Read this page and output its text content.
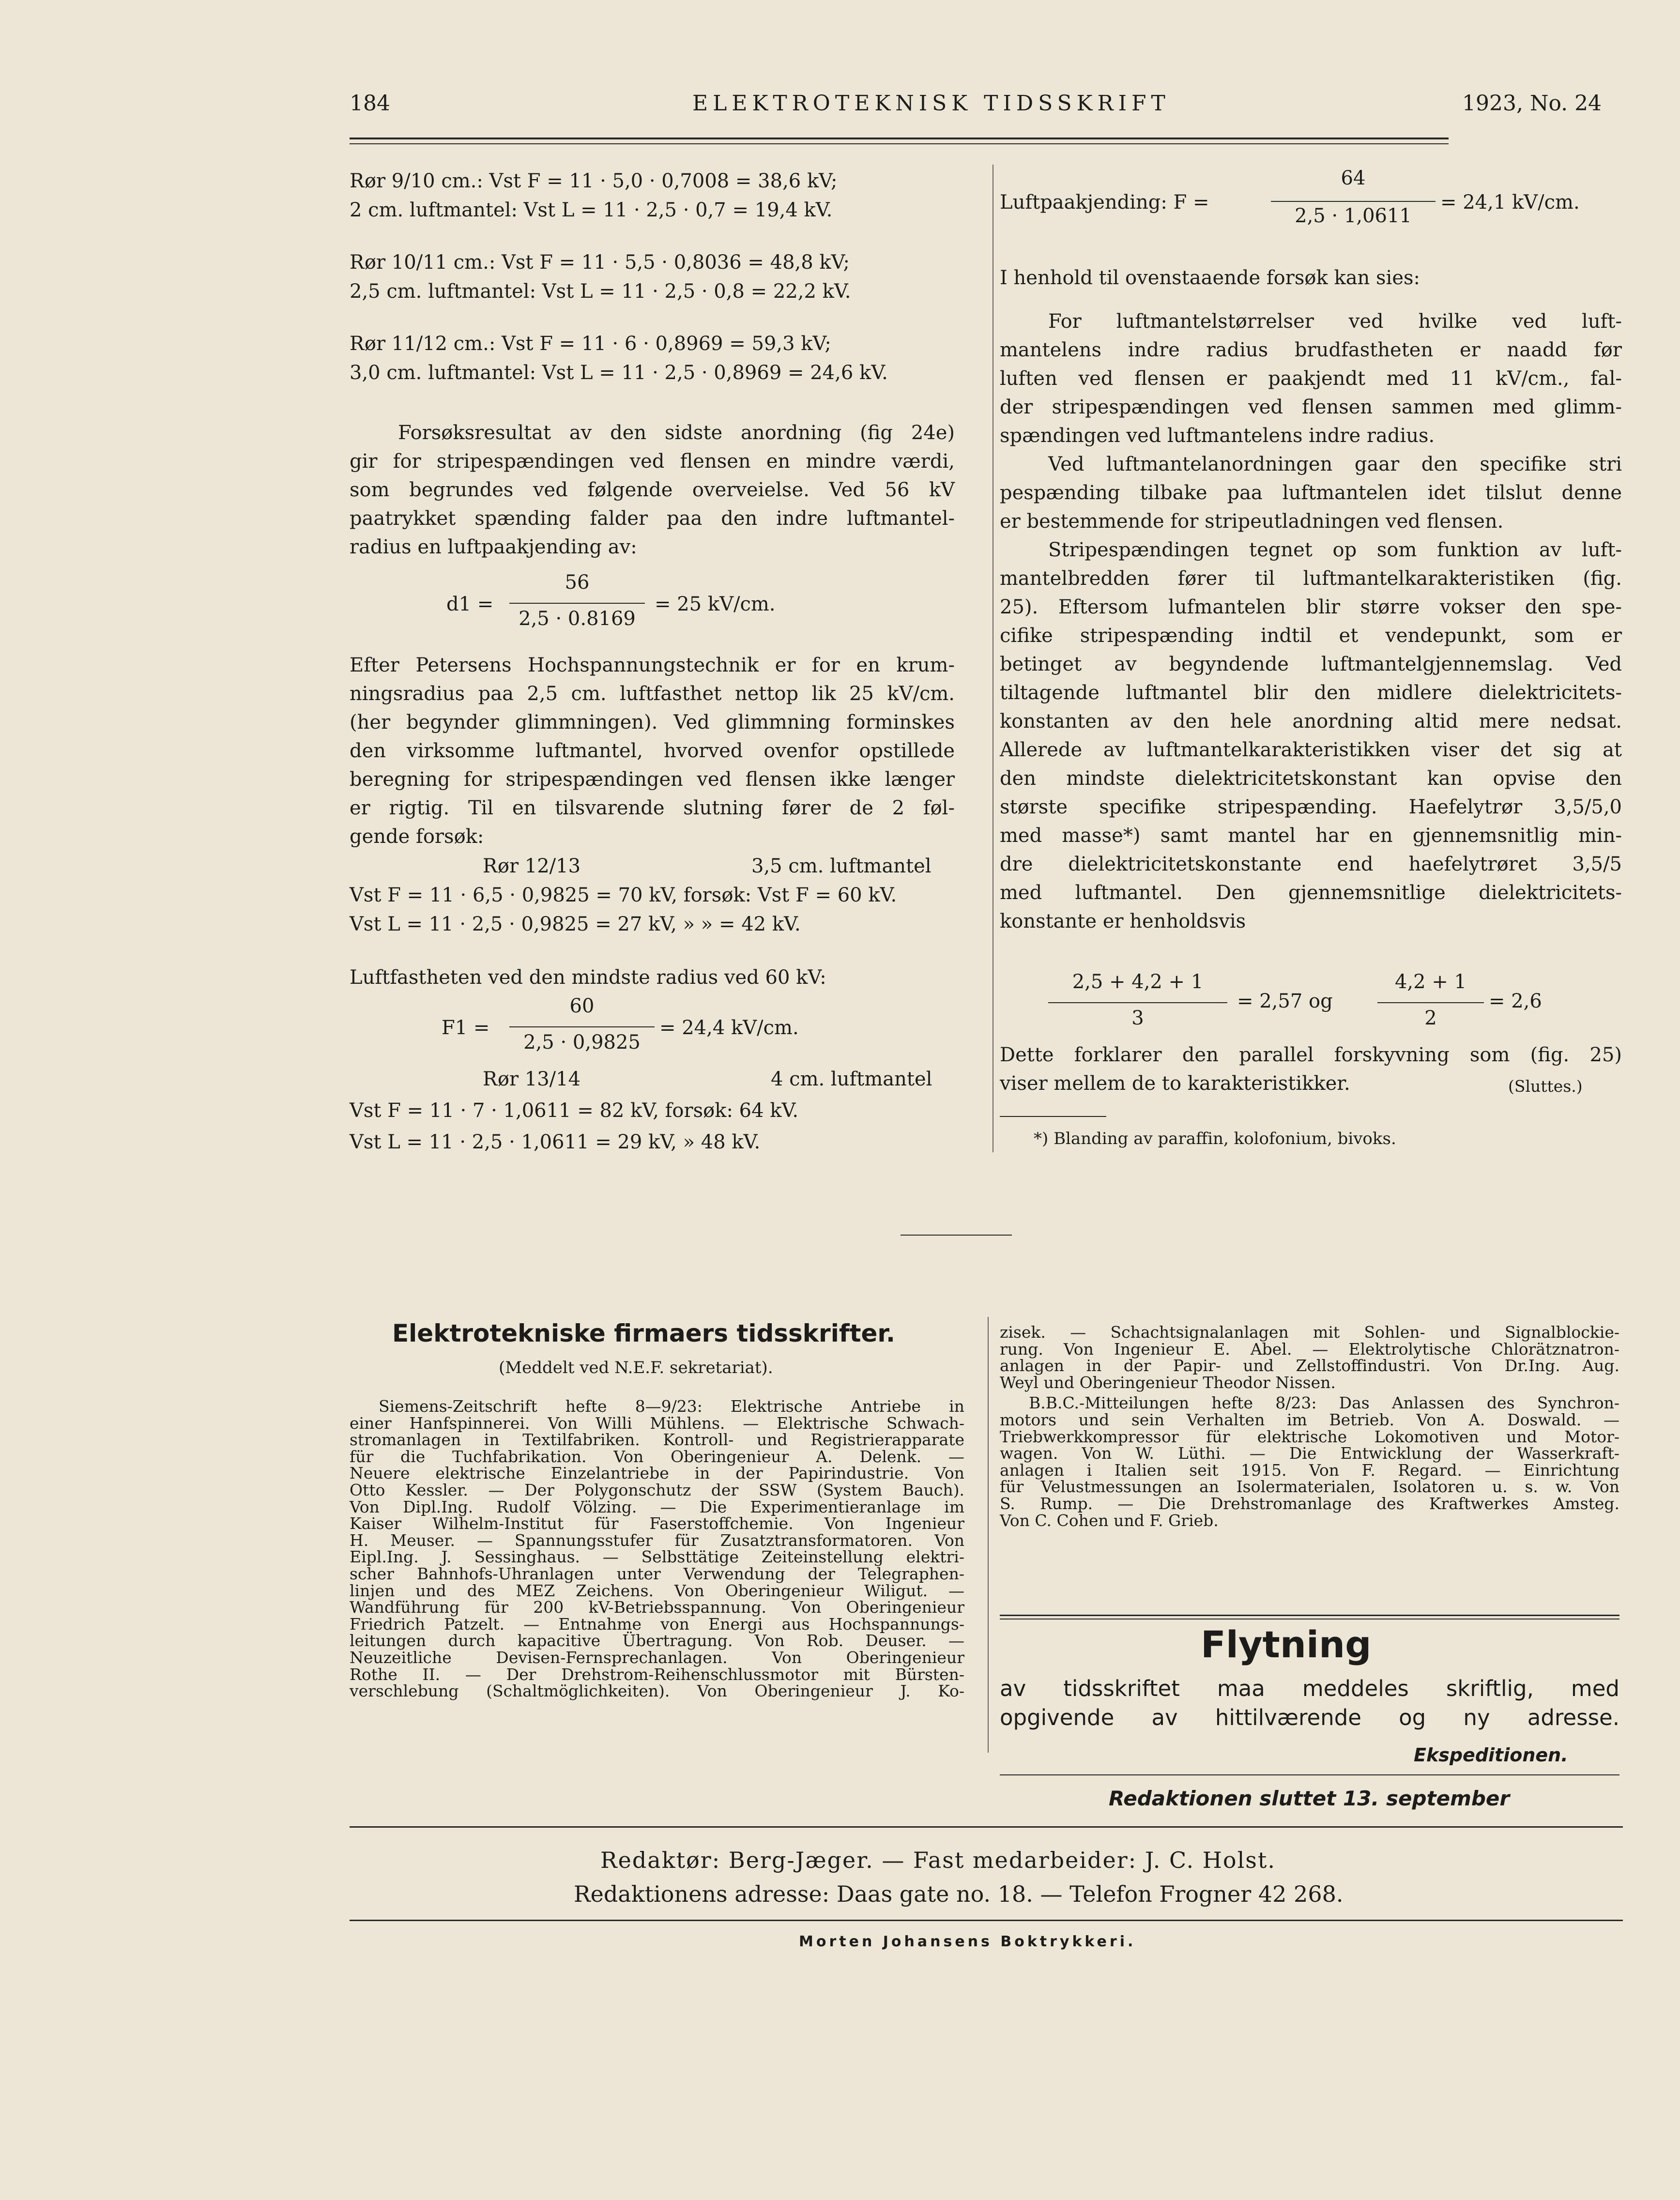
184	ELEKTROTEKNISK TIDSSKRIFT	1923, No. 24
Rør 9/10 cm.: Vst F = 11 · 5,0 · 0,7008 = 38,6 kV;
2 cm. luftmantel: Vst L = 11 · 2,5 · 0,7 = 19,4 kV.
Rør 10/11 cm.: Vst F = 11 · 5,5 · 0,8036 = 48,8 kV;
2,5 cm. luftmantel: Vst L = 11 · 2,5 · 0,8 = 22,2 kV.
Rør 11/12 cm.: Vst F = 11 · 6 · 0,8969 = 59,3 kV;
3,0 cm. luftmantel: Vst L = 11 · 2,5 · 0,8969 = 24,6 kV.
Forsøksresultat av den sidste anordning (fig 24e)
gir for stripespændingen ved flensen en mindre værdi,
som begrundes ved følgende overveielse. Ved 56 kV
paatrykket spænding falder paa den indre luftmantel-
radius en luftpaakjending av:
d1 =
56
2,5 · 0.8169
= 25 kV/cm.
Efter Petersens Hochspannungstechnik er for en krum-
ningsradius paa 2,5 cm. luftfasthet nettop lik 25 kV/cm.
(her begynder glimmningen). Ved glimmning forminskes
den virksomme luftmantel, hvorved ovenfor opstillede
beregning for stripespændingen ved flensen ikke længer
er rigtig. Til en tilsvarende slutning fører de 2 føl-
gende forsøk:
Rør 12/13	3,5 cm. luftmantel
Vst F = 11 · 6,5 · 0,9825 = 70 kV, forsøk: Vst F = 60 kV.
Vst L = 11 · 2,5 · 0,9825 = 27 kV, » » = 42 kV.
Luftfastheten ved den mindste radius ved 60 kV:
F1 =
60
2,5 · 0,9825
= 24,4 kV/cm.
Rør 13/14	4 cm. luftmantel
Vst F = 11 · 7 · 1,0611 = 82 kV, forsøk: 64 kV.
Vst L = 11 · 2,5 · 1,0611 = 29 kV, » 48 kV.
Luftpaakjending: F =
64
2,5 · 1,0611
= 24,1 kV/cm.
I henhold til ovenstaaende forsøk kan sies:
For luftmantelstørrelser ved hvilke ved luft-
mantelens indre radius brudfastheten er naadd før
luften ved flensen er paakjendt med 11 kV/cm., fal-
der stripespændingen ved flensen sammen med glimm-
spændingen ved luftmantelens indre radius.
Ved luftmantelanordningen gaar den specifike stri
pespænding tilbake paa luftmantelen idet tilslut denne
er bestemmende for stripeutladningen ved flensen.
Stripespændingen tegnet op som funktion av luft-
mantelbredden fører til luftmantelkarakteristiken (fig.
25). Eftersom lufmantelen blir større vokser den spe-
cifike stripespænding indtil et vendepunkt, som er
betinget av begyndende luftmantelgjennemslag. Ved
tiltagende luftmantel blir den midlere dielektricitets-
konstanten av den hele anordning altid mere nedsat.
Allerede av luftmantelkarakteristikken viser det sig at
den mindste dielektricitetskonstant kan opvise den
største specifike stripespænding. Haefelytrør 3,5/5,0
med masse*) samt mantel har en gjennemsnitlig min-
dre dielektricitetskonstante end haefelytrøret 3,5/5
med luftmantel. Den gjennemsnitlige dielektricitets-
konstante er henholdsvis
2,5 + 4,2 + 1
3
= 2,57 og
4,2 + 1
2
= 2,6
Dette forklarer den parallel forskyvning som (fig. 25)
viser mellem de to karakteristikker.	(Sluttes.)
*) Blanding av paraffin, kolofonium, bivoks.
Elektrotekniske firmaers tidsskrifter.
(Meddelt ved N.E.F. sekretariat).
Siemens-Zeitschrift hefte 8—9/23: Elektrische Antriebe in
einer Hanfspinnerei. Von Willi Mühlens. — Elektrische Schwach-
stromanlagen in Textilfabriken. Kontroll- und Registrierapparate
für die Tuchfabrikation. Von Oberingenieur A. Delenk. —
Neuere elektrische Einzelantriebe in der Papirindustrie. Von
Otto Kessler. — Der Polygonschutz der SSW (System Bauch).
Von Dipl.Ing. Rudolf Völzing. — Die Experimentieranlage im
Kaiser Wilhelm-Institut für Faserstoffchemie. Von Ingenieur
H. Meuser. — Spannungsstufer für Zusatztransformatoren. Von
Eipl.Ing. J. Sessinghaus. — Selbsttätige Zeiteinstellung elektri-
scher Bahnhofs-Uhranlagen unter Verwendung der Telegraphen-
linjen und des MEZ Zeichens. Von Oberingenieur Wiligut. —
Wandführung für 200 kV-Betriebsspannung. Von Oberingenieur
Friedrich Patzelt. — Entnahme von Energi aus Hochspannungs-
leitungen durch kapacitive Übertragung. Von Rob. Deuser. —
Neuzeitliche Devisen-Fernsprechanlagen. Von Oberingenieur
Rothe II. — Der Drehstrom-Reihenschlussmotor mit Bürsten-
verschlebung (Schaltmöglichkeiten). Von Oberingenieur J. Ko-
zisek. — Schachtsignalanlagen mit Sohlen- und Signalblockie-
rung. Von Ingenieur E. Abel. — Elektrolytische Chlorätznatron-
anlagen in der Papir- und Zellstoffindustri. Von Dr.Ing. Aug.
Weyl und Oberingenieur Theodor Nissen.
B.B.C.-Mitteilungen hefte 8/23: Das Anlassen des Synchron-
motors und sein Verhalten im Betrieb. Von A. Doswald. —
Triebwerkkompressor für elektrische Lokomotiven und Motor-
wagen. Von W. Lüthi. — Die Entwicklung der Wasserkraft-
anlagen i Italien seit 1915. Von F. Regard. — Einrichtung
für Velustmessungen an Isolermaterialen, Isolatoren u. s. w. Von
S. Rump. — Die Drehstromanlage des Kraftwerkes Amsteg.
Von C. Cohen und F. Grieb.
Flytning
av tidsskriftet maa meddeles skriftlig, med
opgivende av hittilværende og ny adresse.
Ekspeditionen.
Redaktionen sluttet 13. september
Redaktør: Berg-Jæger. — Fast medarbeider: J. C. Holst.
Redaktionens adresse: Daas gate no. 18. — Telefon Frogner 42 268.
Morten Johansens Boktrykkeri.
